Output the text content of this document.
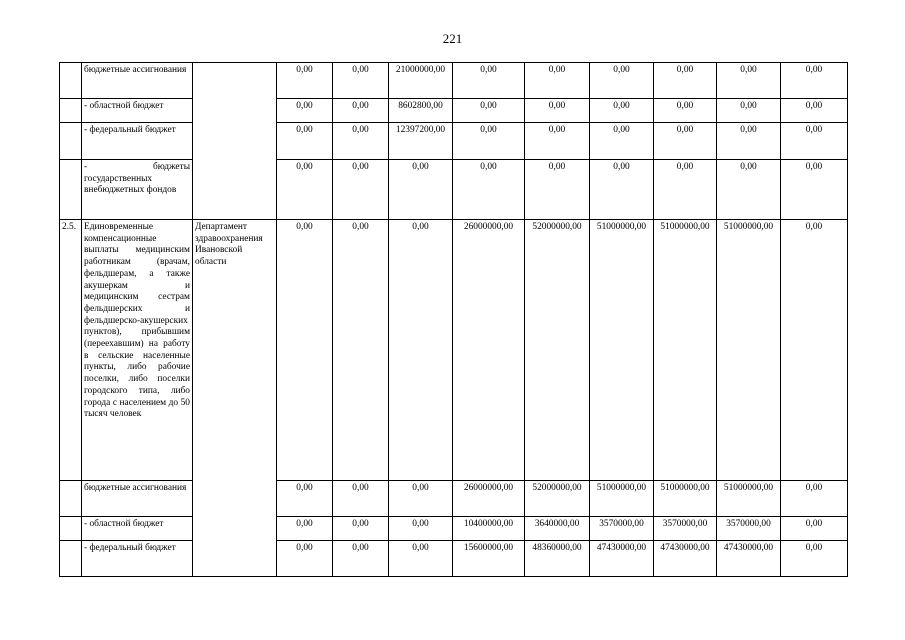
221
	бюджетные ассигнования		0,00	0,00	21000000,00	0,00	0,00	0,00	0,00	0,00	0,00
	- областной бюджет		0,00	0,00	8602800,00	0,00	0,00	0,00	0,00	0,00	0,00
	- федеральный бюджет		0,00	0,00	12397200,00	0,00	0,00	0,00	0,00	0,00	0,00
	- бюджеты государственных внебюджетных фондов		0,00	0,00	0,00	0,00	0,00	0,00	0,00	0,00	0,00
2.5.	Единовременные компенсационные выплаты медицинским работникам (врачам, фельдшерам, а также акушеркам и медицинским сестрам фельдшерских и фельдшерско-акушерских пунктов), прибывшим (переехавшим) на работу в сельские населенные пункты, либо рабочие поселки, либо поселки городского типа, либо города с населением до 50 тысяч человек	Департамент здравоохранения Ивановской области	0,00	0,00	0,00	26000000,00	52000000,00	51000000,00	51000000,00	51000000,00	0,00
	бюджетные ассигнования		0,00	0,00	0,00	26000000,00	52000000,00	51000000,00	51000000,00	51000000,00	0,00
	- областной бюджет		0,00	0,00	0,00	10400000,00	3640000,00	3570000,00	3570000,00	3570000,00	0,00
	- федеральный бюджет		0,00	0,00	0,00	15600000,00	48360000,00	47430000,00	47430000,00	47430000,00	0,00
